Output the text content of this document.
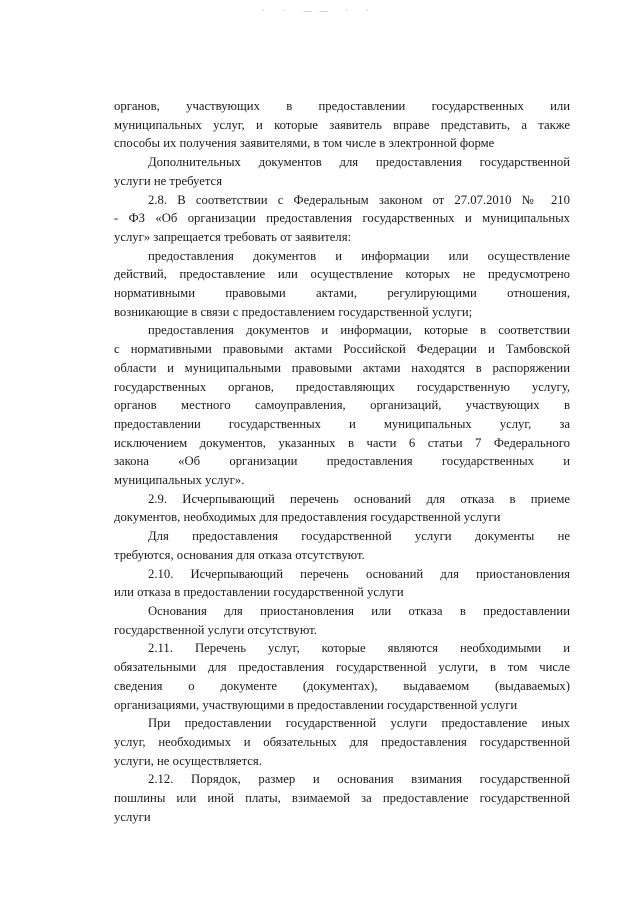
· · —— · ·
органов, участвующих в предоставлении государственных или
муниципальных услуг, и которые заявитель вправе представить, а также
способы их получения заявителями, в том числе в электронной форме
Дополнительных документов для предоставления государственной
услуги не требуется
2.8. В соответствии с Федеральным законом от 27.07.2010 № 210
- ФЗ «Об организации предоставления государственных и муниципальных
услуг» запрещается требовать от заявителя:
предоставления документов и информации или осуществление
действий, предоставление или осуществление которых не предусмотрено
нормативными правовыми актами, регулирующими отношения,
возникающие в связи с предоставлением государственной услуги;
предоставления документов и информации, которые в соответствии
с нормативными правовыми актами Российской Федерации и Тамбовской
области и муниципальными правовыми актами находятся в распоряжении
государственных органов, предоставляющих государственную услугу,
органов местного самоуправления, организаций, участвующих в
предоставлении государственных и муниципальных услуг, за
исключением документов, указанных в части 6 статьи 7 Федерального
закона «Об организации предоставления государственных и
муниципальных услуг».
2.9. Исчерпывающий перечень оснований для отказа в приеме
документов, необходимых для предоставления государственной услуги
Для предоставления государственной услуги документы не
требуются, основания для отказа отсутствуют.
2.10. Исчерпывающий перечень оснований для приостановления
или отказа в предоставлении государственной услуги
Основания для приостановления или отказа в предоставлении
государственной услуги отсутствуют.
2.11. Перечень услуг, которые являются необходимыми и
обязательными для предоставления государственной услуги, в том числе
сведения о документе (документах), выдаваемом (выдаваемых)
организациями, участвующими в предоставлении государственной услуги
При предоставлении государственной услуги предоставление иных
услуг, необходимых и обязательных для предоставления государственной
услуги, не осуществляется.
2.12. Порядок, размер и основания взимания государственной
пошлины или иной платы, взимаемой за предоставление государственной
услуги
